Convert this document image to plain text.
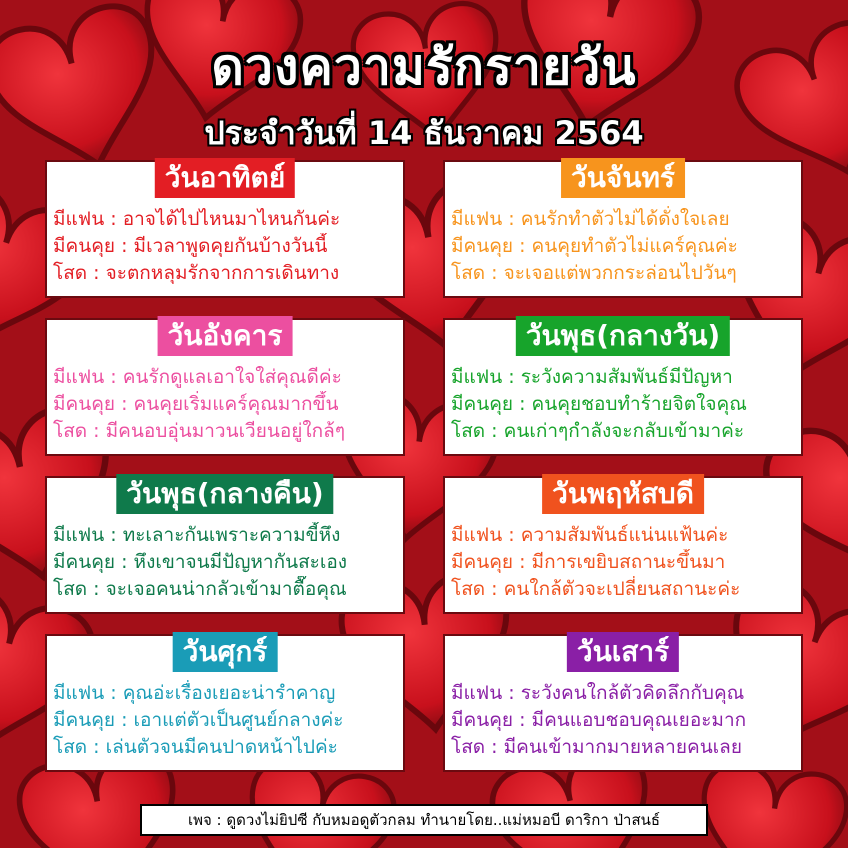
ดวงความรักรายวัน
ประจำวันที่ 14 ธันวาคม 2564
วันอาทิตย์
มีแฟน : อาจได้ไปไหนมาไหนกันค่ะ
มีคนคุย : มีเวลาพูดคุยกันบ้างวันนี้
โสด : จะตกหลุมรักจากการเดินทาง
วันจันทร์
มีแฟน : คนรักทำตัวไม่ได้ดั่งใจเลย
มีคนคุย : คนคุยทำตัวไม่แคร์คุณค่ะ
โสด : จะเจอแต่พวกกระล่อนไปวันๆ
วันอังคาร
มีแฟน : คนรักดูแลเอาใจใส่คุณดีค่ะ
มีคนคุย : คนคุยเริ่มแคร์คุณมากขึ้น
โสด : มีคนอบอุ่นมาวนเวียนอยู่ใกล้ๆ
วันพุธ(กลางวัน)
มีแฟน : ระวังความสัมพันธ์มีปัญหา
มีคนคุย : คนคุยชอบทำร้ายจิตใจคุณ
โสด : คนเก่าๆกำลังจะกลับเข้ามาค่ะ
วันพุธ(กลางคืน)
มีแฟน : ทะเลาะกันเพราะความขี้หึง
มีคนคุย : หึงเขาจนมีปัญหากันสะเอง
โสด : จะเจอคนน่ากลัวเข้ามาตื๊อคุณ
วันพฤหัสบดี
มีแฟน : ความสัมพันธ์แน่นแฟ้นค่ะ
มีคนคุย : มีการเขยิบสถานะขึ้นมา
โสด : คนใกล้ตัวจะเปลี่ยนสถานะค่ะ
วันศุกร์
มีแฟน : คุณอ่ะเรื่องเยอะน่ารำคาญ
มีคนคุย : เอาแต่ตัวเป็นศูนย์กลางค่ะ
โสด : เล่นตัวจนมีคนปาดหน้าไปค่ะ
วันเสาร์
มีแฟน : ระวังคนใกล้ตัวคิดลึกกับคุณ
มีคนคุย : มีคนแอบชอบคุณเยอะมาก
โสด : มีคนเข้ามากมายหลายคนเลย
เพจ : ดูดวงไม่ยิปซี กับหมอดูตัวกลม ทำนายโดย..แม่หมอบี ดาริกา ป่าสนธ์
